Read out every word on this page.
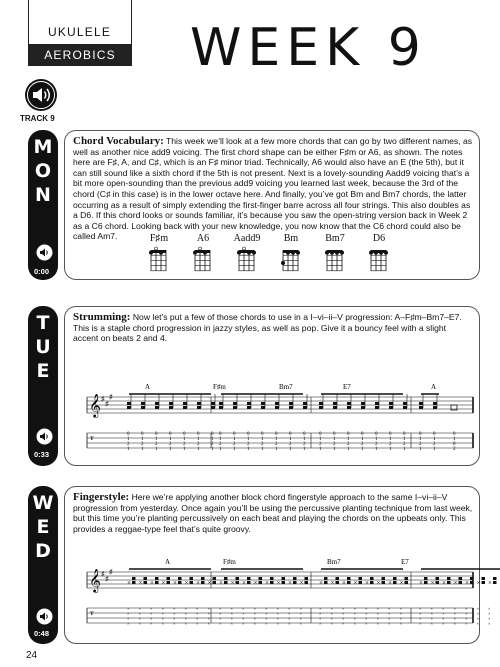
UKULELE
AEROBICS	WEEK 9
TRACK 9
M
O
N
0:00
Chord Vocabulary: This week we’ll look at a few more chords that can go by two different names, as well as another nice add9 voicing. The first chord shape can be either F♯m or A6, as shown. The notes here are F♯, A, and C♯, which is an F♯ minor triad. Technically, A6 would also have an E (the 5th), but it can still sound like a sixth chord if the 5th is not present. Next is a lovely-sounding Aadd9 voicing that’s a bit more open-sounding than the previous add9 voicing you learned last week, because the 3rd of the chord (C♯ in this case) is in the lower octave here. And finally, you’ve got Bm and Bm7 chords, the latter occurring as a result of simply extending the first-finger barre across all four strings. This also doubles as a D6. If this chord looks or sounds familiar, it’s because you saw the open-string version back in Week 2 as a C6 chord. Looking back with your new knowledge, you now know that the C6 chord could also be called Am7.	F♯m	A6	Aadd9	Bm	Bm7	D6
T
U
E
0:33
Strumming: Now let’s put a few of those chords to use in a I–vi–ii–V progression: A–F♯m–Bm7–E7. This is a staple chord progression in jazzy styles, as well as pop. Give it a bouncy feel with a slight accent on beats 2 and 4.
𝄞
T
♯
♯
♯
A	F♯m	Bm7	E7	A
0
1
2
1
0
1
2
1
0
1
2
1
0
1
2
1
0
1
2
1
0
1
2
1
0
1
2
1
0
1
2
1
0
1
2
1
0
1
2
1
0
1
2
1
0
1
2
1
0
1
2
1
0
1
2
1
0
1
2
1
0
1
2
1
0
1
2
1
0
1
2
1
0
1
2
1
0
1
2
1
0
1
2
1
0
1
2
1
0
1
2
1
0
1
0
2
W
E
D
0:48
Fingerstyle: Here we’re applying another block chord fingerstyle approach to the same I–vi–ii–V progression from yesterday. Once again you’ll be using the percussive planting technique from last week, but this time you’re planting percussively on each beat and playing the chords on the upbeats only. This provides a reggae-type feel that’s quite groovy.
𝄞
T
♯
♯
♯
A	F♯m	Bm7	E7
×
×
×
×
×
×
×
×
×
×
×
×
×
×
×
×
×
×
×
×
×
×
×
×
×
×
×
×
×
×
×
×
×
×
×
×
×
×
×
×
×
×
×
×
×
×
×
×
×
×
×
×
×
×
×
×
×
×
×
×
×
×
×
×
×
×
×
×
×
×
×
×
×
×
×
×
×
×
×
×
×
×
×
×
×
×
×
×
×
×
×
×
×
×
×
×
×
×
×
×
×
×
×
×
×
×
×
×
×
×
×
×
×
×
×
×
×
×
×
×
×
×
×
×
×
×
×
×
×
×
×
×
×
×
×
×
×
×
×
×
×
×
×
×
×
×
×
×
×
×
×
×
×
×
×
24
